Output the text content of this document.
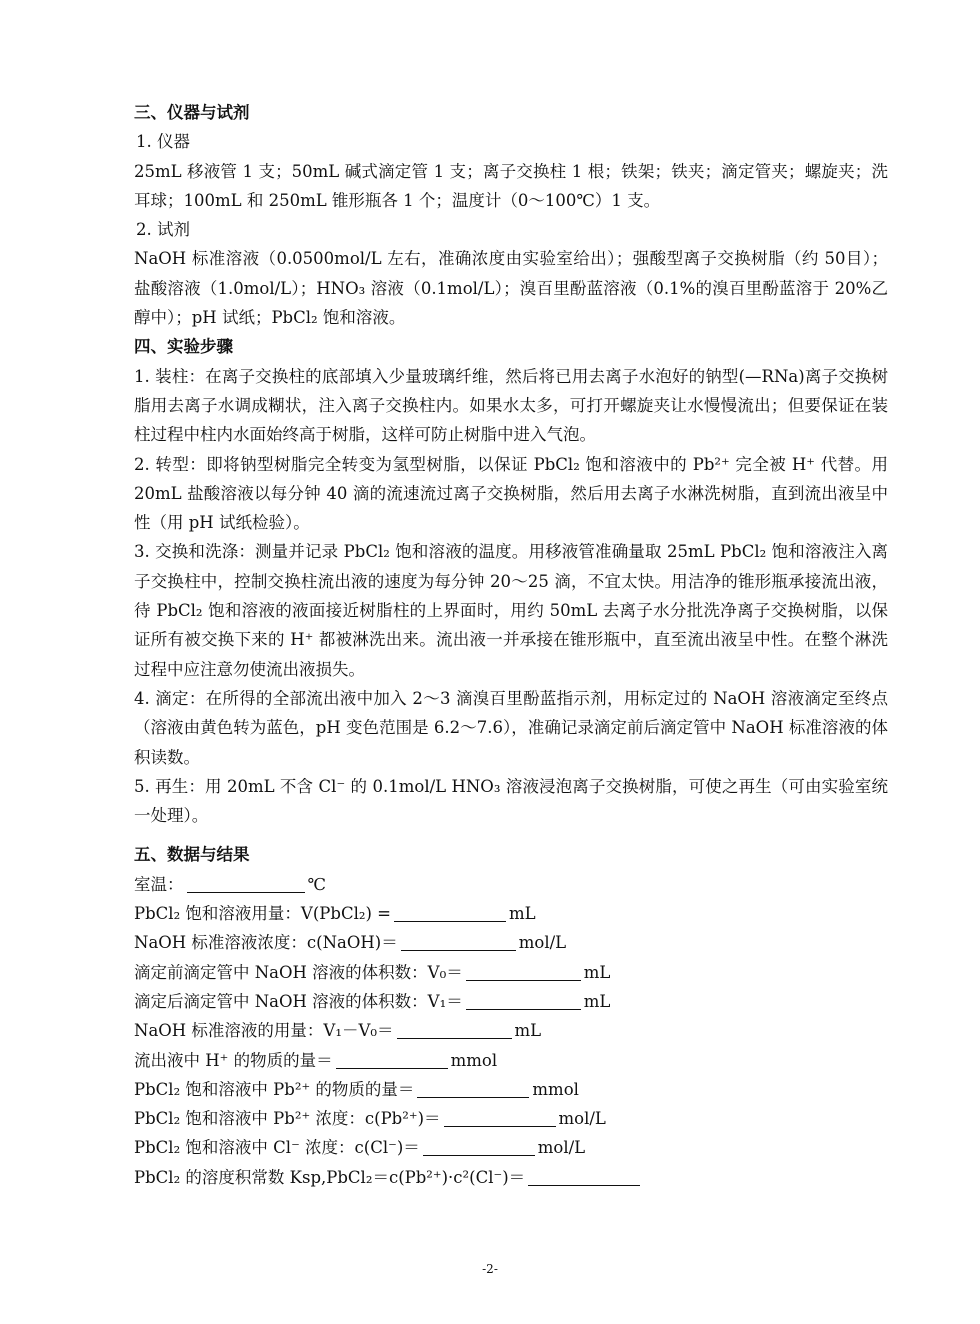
三、仪器与试剂
1. 仪器
25mL 移液管 1 支；50mL 碱式滴定管 1 支；离子交换柱 1 根；铁架；铁夹；滴定管夹；螺旋夹；洗耳球；100mL 和 250mL 锥形瓶各 1 个；温度计（0～100℃）1 支。
2. 试剂
NaOH 标准溶液（0.0500mol/L 左右，准确浓度由实验室给出）；强酸型离子交换树脂（约 50目）；盐酸溶液（1.0mol/L）；HNO₃ 溶液（0.1mol/L）；溴百里酚蓝溶液（0.1%的溴百里酚蓝溶于 20%乙醇中）；pH 试纸；PbCl₂ 饱和溶液。
四、实验步骤
1. 装柱：在离子交换柱的底部填入少量玻璃纤维，然后将已用去离子水泡好的钠型(—RNa)离子交换树脂用去离子水调成糊状，注入离子交换柱内。如果水太多，可打开螺旋夹让水慢慢流出；但要保证在装柱过程中柱内水面始终高于树脂，这样可防止树脂中进入气泡。
2. 转型：即将钠型树脂完全转变为氢型树脂，以保证 PbCl₂ 饱和溶液中的 Pb²⁺ 完全被 H⁺ 代替。用 20mL 盐酸溶液以每分钟 40 滴的流速流过离子交换树脂，然后用去离子水淋洗树脂，直到流出液呈中性（用 pH 试纸检验）。
3. 交换和洗涤：测量并记录 PbCl₂ 饱和溶液的温度。用移液管准确量取 25mL PbCl₂ 饱和溶液注入离子交换柱中，控制交换柱流出液的速度为每分钟 20～25 滴，不宜太快。用洁净的锥形瓶承接流出液，待 PbCl₂ 饱和溶液的液面接近树脂柱的上界面时，用约 50mL 去离子水分批洗净离子交换树脂，以保证所有被交换下来的 H⁺ 都被淋洗出来。流出液一并承接在锥形瓶中，直至流出液呈中性。在整个淋洗过程中应注意勿使流出液损失。
4. 滴定：在所得的全部流出液中加入 2～3 滴溴百里酚蓝指示剂，用标定过的 NaOH 溶液滴定至终点（溶液由黄色转为蓝色，pH 变色范围是 6.2～7.6），准确记录滴定前后滴定管中 NaOH 标准溶液的体积读数。
5. 再生：用 20mL 不含 Cl⁻ 的 0.1mol/L HNO₃ 溶液浸泡离子交换树脂，可使之再生（可由实验室统一处理）。
五、数据与结果
室温：	℃
PbCl₂ 饱和溶液用量：V(PbCl₂) =	mL
NaOH 标准溶液浓度：c(NaOH)＝	mol/L
滴定前滴定管中 NaOH 溶液的体积数：V₀＝	mL
滴定后滴定管中 NaOH 溶液的体积数：V₁＝	mL
NaOH 标准溶液的用量：V₁－V₀＝	mL
流出液中 H⁺ 的物质的量＝	mmol
PbCl₂ 饱和溶液中 Pb²⁺ 的物质的量＝	mmol
PbCl₂ 饱和溶液中 Pb²⁺ 浓度：c(Pb²⁺)＝	mol/L
PbCl₂ 饱和溶液中 Cl⁻ 浓度：c(Cl⁻)＝	mol/L
PbCl₂ 的溶度积常数 Ksp,PbCl₂＝c(Pb²⁺)·c²(Cl⁻)＝
-2-
